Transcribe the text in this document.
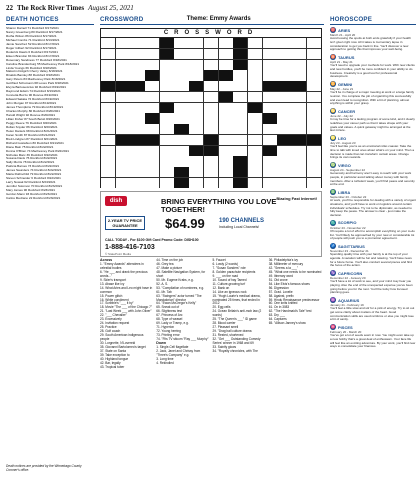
22 The Rock River Times August 25, 2021
DEATH NOTICES
Sharon Darnell 71 Rockford 8/17/2021
Nancy Greenberg 80 Rockford 8/17/2021
Rutha Wilson 86 Rockford 8/17/2021
Michael Combs 71 Rockford 8/13/2021
Jamie Sanchez 52 Rockford 8/17/2021
Roger Gilbert 92 Rockford 8/17/2021
Roderick Dawis 6 Rockford 8/17/2021
Eileen Brandon 84 Rockford 8/17/2021
Rosemary Sandness 77 Rockford 8/18/2021
Caroline Brandenburg 55 Machesney Park 8/18/2021
Linda Youngs 66 Rockford 8/18/2021
Malcolm Dolgich Cherry Valley 8/18/2021
Rinaldo Bamley 88 Rockford 8/18/2021
Gary Peters 83 Machesney Park 8/18/2021
Gottfried Schumann 68 Loves Park 8/18/2021
Elvyra Bartusevicius 92 Rockford 8/19/2021
Raymond Edwin 74 Rockford 8/19/2021
Concetta Buzzo 90 Roscoe 8/19/2021
Edward Sakata 72 Rockford 8/19/2021
John Morgan 97 Rockford 8/19/2021
James Thompkins 79 Rockford 8/19/2021
Charles Murphy 80 Rockford 8/20/2021
Harold Wright 92 Roscoe 8/20/2021
Lillian Fisher 87 South Beloit 8/20/2021
Peggy Reece 76 Rockford 8/20/2021
Rollan Snyder 86 Rockford 8/20/2021
Helen Daniels 98 Rockford 8/21/2021
Karen Smith 87 Rockford 8/21/2021
Brett Lindgren 87 Rockford 8/21/2021
Richard Gustafson 80 Rockford 8/21/2021
Diane Bain 75 Rockford 8/22/2021
Donna O'Brien 74 Machesney Park 8/22/2021
Nicholas Marx 39 Rockford 8/22/2021
Susana Davis 76 Rockford 8/22/2021
Sally Morris 78 Rockford 8/22/2021
Patricia Barnes 73 Rockford 8/22/2021
James Saunders 74 Rockford 8/22/2021
Maria Rothschild 79 Rockford 8/22/2021
Steven Schneider 6 Rockford 8/22/2021
Larry Nowak 62 Rockford 8/23/2021
Jennifer Solomon 70 Rockford 8/23/2021
Mary James 90 Rockford 8/23/2021
Gordon Mann 93 Rockford 8/23/2021
Carlos Medrano 22 Rockford 8/23/2021
Death notices are provided by the Winnebago County Coroner's office.
CROSSWORD	Theme: Emmy Awards
CROSSWORD
dish	BRING EVERYTHING YOU LOVE TOGETHER!
Blazing Fast Internet!
2-YEAR TV PRICE GUARANTEE	$64.99 190 CHANNELS
Including Local Channels!
CALL TODAY - For $100 Gift Card Promo Code: DISH100
1-888-416-7103
© StatePoint Media
Across
1. "Emmy Awards" attendees in celestial bodies
6. "He ___ and drank the precious words..."
9. Skier's transport
13. Abase like ivy
14. What Aries and Leo might have in common
15. Power glitch
16. White condiment
17. Scribble's "___ it by"
18. Movie "The ___ of the Chicago 7"
21. "Last Week ___ with John Oliver"
22. "___ Chevalier"
23. Excessively
24. Invitation request
25. Practice
28. Golf coach
29. South American indigenous people
30. Lorgnette, N'Lovereid
35. Giovanni Bartolomeo's target
37. State on Santa
39. Take exception to
40. Highland tongue
42. Bar, legally
43. Tropical tuber
44. Time on the job
46. Grey tea
47. Make a picture
48. Satellite Navigation System, for short
50. Mr. Eugene Krabs, e.g.
52. A. S.
53. "Compilation of nominees, e.g.
61. Mr. Tab
63. "Swingers" actor turned "The Mandalorian" director
64. "Ewan McGregor's Kelly"
65. Sneak out of
66. Slightness test
67. Princess of Arc
68. Type of weasel
69. Lady or Tramp, e.g.
71. Hyperion
72. Young herring
73. Printing error
74. "Fits TV sitcom "Ray ___ Murphy"
Down
1. Single-Cell flagellate
2. Jack, Janet and Chrissy from "Three's Company" e.g.
3. Long time
4. Rekindled
5. Faucet
6. Lowly (2 words)
7. "Susan Sanders" role
8. Golden parachute recipients
9. ___ on the road
10. Sound of hay Tamed
11. Culture-growing turf
12. Bank on
14. Like an igneous rock
15. "Hugh Laurie's medical drama, nominated 25 times, that ended in 2012
20. Egg cells
24. Ocean Britain's anti-mob law (2 words)
25. "The Queen's ___" ID game
28. Blood carrier
27. Pleasant smell
29. "Drag ball culture drama
31. Rested, shortened
32. "Get ___ Outstanding Comedy Series' winner in 1968 and 69
33. Saintly glows
34. "Royalty chronicles, with The
36. Philadelphia's ivy
38. Millimeter of mercury
42. "Seems a la ___"
45. "What one needs to be nominated
49. Itinerary word
51. Old crone
54. Like Elvis's famous shoes
56. Digression
57. Grad. Lovelie
58. Against, prefix
59. Hindu Renaissance predecessor
60. One knits knitted
61. Ox in 3083
62. "The Handmaid's Tale" test
63. Dry ___
64. Captures
65. "Allison Janney's show
HOROSCOPE
♈ ARIES
March 21 - April 20
Avoid tossing the spoils at both ends gratefully if your health isn't given right now. All it takes is momentary lapse in consideration to get you back in line. You'll discover a new approach to getting this that improves your well-being.
♉ TAURUS
April 21 - May 21
You'll need to upgrade your methods for work. With new clients and new hurdles, you'll be more confident in your ability to do business. Creativity is a good tool for professional development.
♊ GEMINI
May 22 - June 21
You'll be in charge of a major meeting at work or a large family reunion. You complete the job of organizing this successfully and even lead to recognition. With a bit of planning, almost anything is within your grasp.
♋ CANCER
June 22 - July 22
It may be time for a lasting program of some kind, and it clearly redefines your career path so that it takes shape with your goals and values. A quick getaway might be arranged at the last minute.
♌ LEO
July 23 - August 23
You'll feel like you're as an emotional roller-coaster. Take the time to talk with loved ones about what's on your mind. Then a decision is made that can transform certain areas. Change brings its own rewards.
♍ VIRGO
August 24 - September 22
Generosity and harmony aren't easy to reach with your work people, in particular avoid talking about money with family members. After a turbulent week, you'll find peace and serenity at the end.
♎ LIBRA
September 23 - October 22
At work, you'll be responsible for dealing with a variety of urgent situations, and you'll have to work on logistics around certain individuals' schedules. Try not to be diplomatic, as needed to fully keep the peace. The answer is clear - just make the decision.
♏ SCORPIO
October 23 - November 22
It'll require a lot of effort to accomplish everything on your to-do list. You'll likely be approached by your new or considerable lot of people will push you to a promotion agreement.
♐ SAGITTARIUS
November 23 - December 21
Spending quality time with your family is at the top of your agenda. A vacation will be fun and relaxing. You'll have news for a future home. You'll also conduct several pieces and find the focus of the action.
♑ CAPRICORN
December 22 - January 20
You'll have a lot of work to see, and your mind may hear you playing. Also the end of the unexpected expense you've been going before you for the next. You'll be lucky how focused planning goes.
♒ AQUARIUS
January 21 - February 19
You'll feel a little slow and stir for a pick of energy. Try to sit out get some clarity about matters of the heart. Good communication skills are used reinforce or else you might lose a bit of sanity.
♓ PISCES
February 20 - March 20
You've got a lot of seeds sown in now. You might even take up a new hobby that's a great deal of enthusiasm. Your face life will feel like an exciting adventure. By your work, you'll find new ways to consolidate your finances.
